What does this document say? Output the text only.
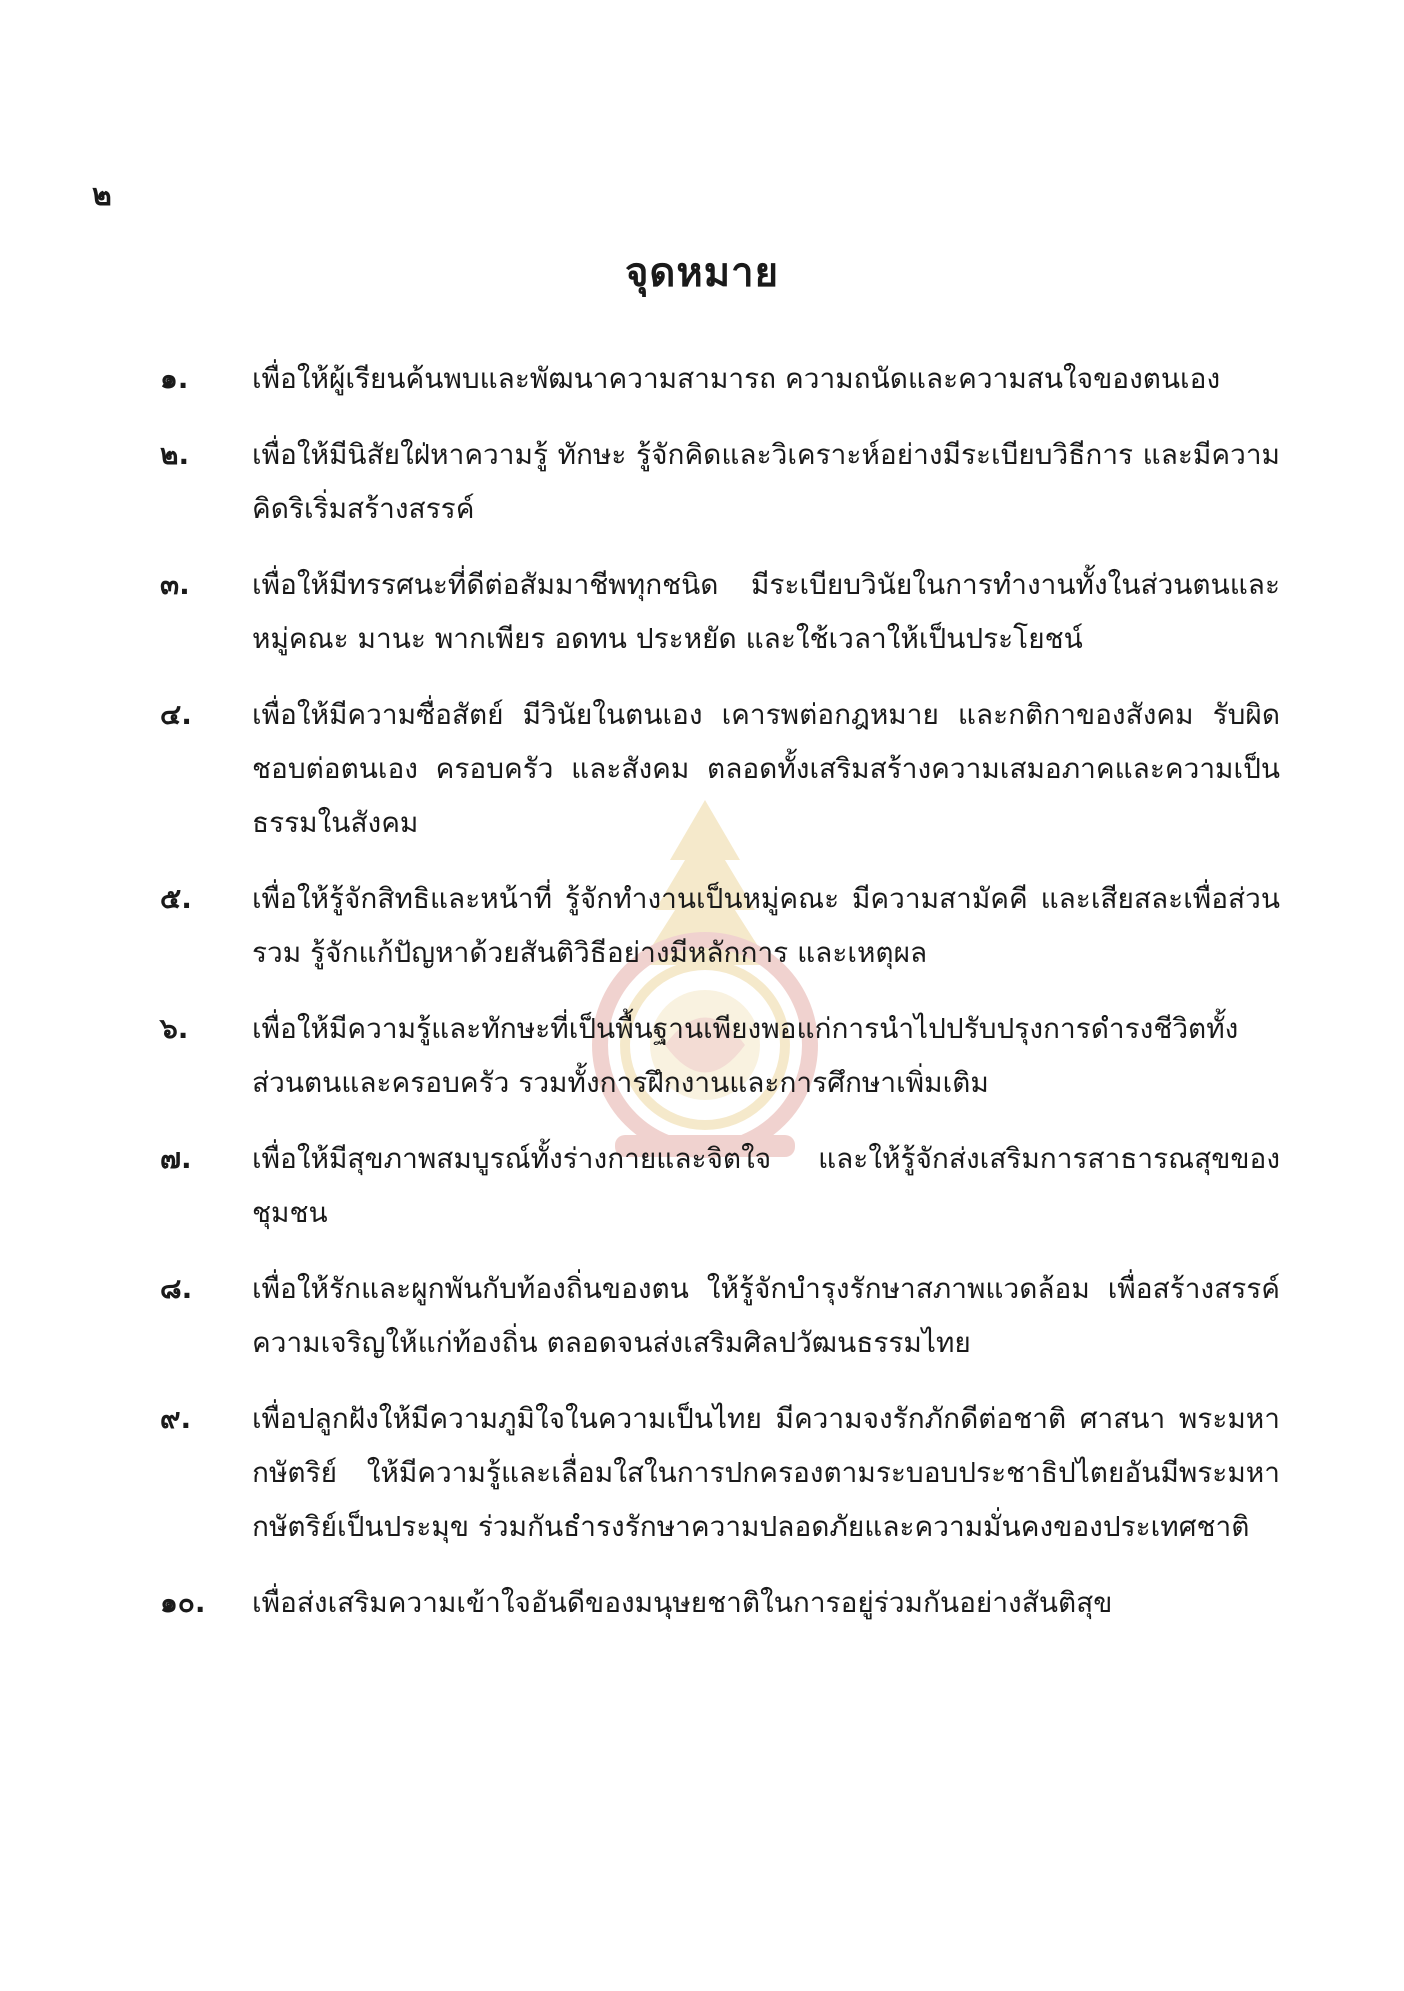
๒
จุดหมาย
๑.	เพื่อให้ผู้เรียนค้นพบและพัฒนาความสามารถ ความถนัดและความสนใจของตนเอง
๒.	เพื่อให้มีนิสัยใฝ่หาความรู้ ทักษะ รู้จักคิดและวิเคราะห์อย่างมีระเบียบวิธีการ และมีความคิดริเริ่มสร้างสรรค์
๓.	เพื่อให้มีทรรศนะที่ดีต่อสัมมาชีพทุกชนิด มีระเบียบวินัยในการทำงานทั้งในส่วนตนและหมู่คณะ มานะ พากเพียร อดทน ประหยัด และใช้เวลาให้เป็นประโยชน์
๔.	เพื่อให้มีความซื่อสัตย์ มีวินัยในตนเอง เคารพต่อกฎหมาย และกติกาของสังคม รับผิดชอบต่อตนเอง ครอบครัว และสังคม ตลอดทั้งเสริมสร้างความเสมอภาคและความเป็นธรรมในสังคม
๕.	เพื่อให้รู้จักสิทธิและหน้าที่ รู้จักทำงานเป็นหมู่คณะ มีความสามัคคี และเสียสละเพื่อส่วนรวม รู้จักแก้ปัญหาด้วยสันติวิธีอย่างมีหลักการ และเหตุผล
๖.	เพื่อให้มีความรู้และทักษะที่เป็นพื้นฐานเพียงพอแก่การนำไปปรับปรุงการดำรงชีวิตทั้งส่วนตนและครอบครัว รวมทั้งการฝึกงานและการศึกษาเพิ่มเติม
๗.	เพื่อให้มีสุขภาพสมบูรณ์ทั้งร่างกายและจิตใจ และให้รู้จักส่งเสริมการสาธารณสุขของชุมชน
๘.	เพื่อให้รักและผูกพันกับท้องถิ่นของตน ให้รู้จักบำรุงรักษาสภาพแวดล้อม เพื่อสร้างสรรค์ความเจริญให้แก่ท้องถิ่น ตลอดจนส่งเสริมศิลปวัฒนธรรมไทย
๙.	เพื่อปลูกฝังให้มีความภูมิใจในความเป็นไทย มีความจงรักภักดีต่อชาติ ศาสนา พระมหากษัตริย์ ให้มีความรู้และเลื่อมใสในการปกครองตามระบอบประชาธิปไตยอันมีพระมหากษัตริย์เป็นประมุข ร่วมกันธำรงรักษาความปลอดภัยและความมั่นคงของประเทศชาติ
๑๐.	เพื่อส่งเสริมความเข้าใจอันดีของมนุษยชาติในการอยู่ร่วมกันอย่างสันติสุข
